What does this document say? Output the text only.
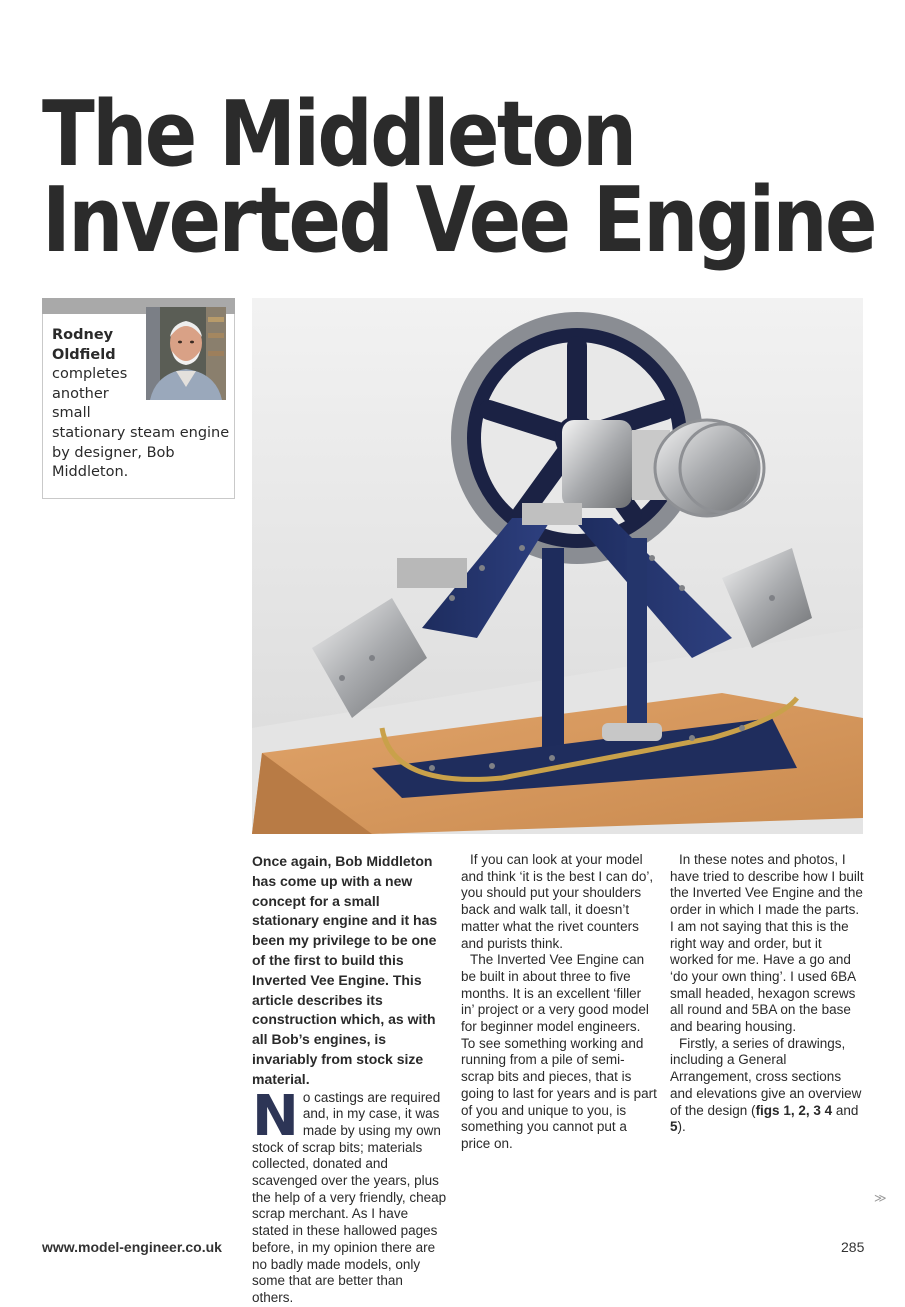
The Middleton
Inverted Vee Engine
Rodney
Oldfield
completes
another
small
stationary steam engine by designer, Bob Middleton.

Once again, Bob Middleton has come up with a new concept for a small stationary engine and it has been my privilege to be one of the first to build this Inverted Vee Engine. This article describes its construction which, as with all Bob’s engines, is invariably from stock size material.

No castings are required and, in my case, it was made by using my own stock of scrap bits; materials collected, donated and scavenged over the years, plus the help of a very friendly, cheap scrap merchant. As I have stated in these hallowed pages before, in my opinion there are no badly made models, only some that are better than others.

If you can look at your model and think ‘it is the best I can do’, you should put your shoulders back and walk tall, it doesn’t matter what the rivet counters and purists think.

The Inverted Vee Engine can be built in about three to five months. It is an excellent ‘filler in’ project or a very good model for beginner model engineers. To see something working and running from a pile of semi-scrap bits and pieces, that is going to last for years and is part of you and unique to you, is something you cannot put a price on.

In these notes and photos, I have tried to describe how I built the Inverted Vee Engine and the order in which I made the parts. I am not saying that this is the right way and order, but it worked for me. Have a go and ‘do your own thing’. I used 6BA small headed, hexagon screws all round and 5BA on the base and bearing housing.

Firstly, a series of drawings, including a General Arrangement, cross sections and elevations give an overview of the design (figs 1, 2, 3 4 and 5).

≫
www.model-engineer.co.uk	285
